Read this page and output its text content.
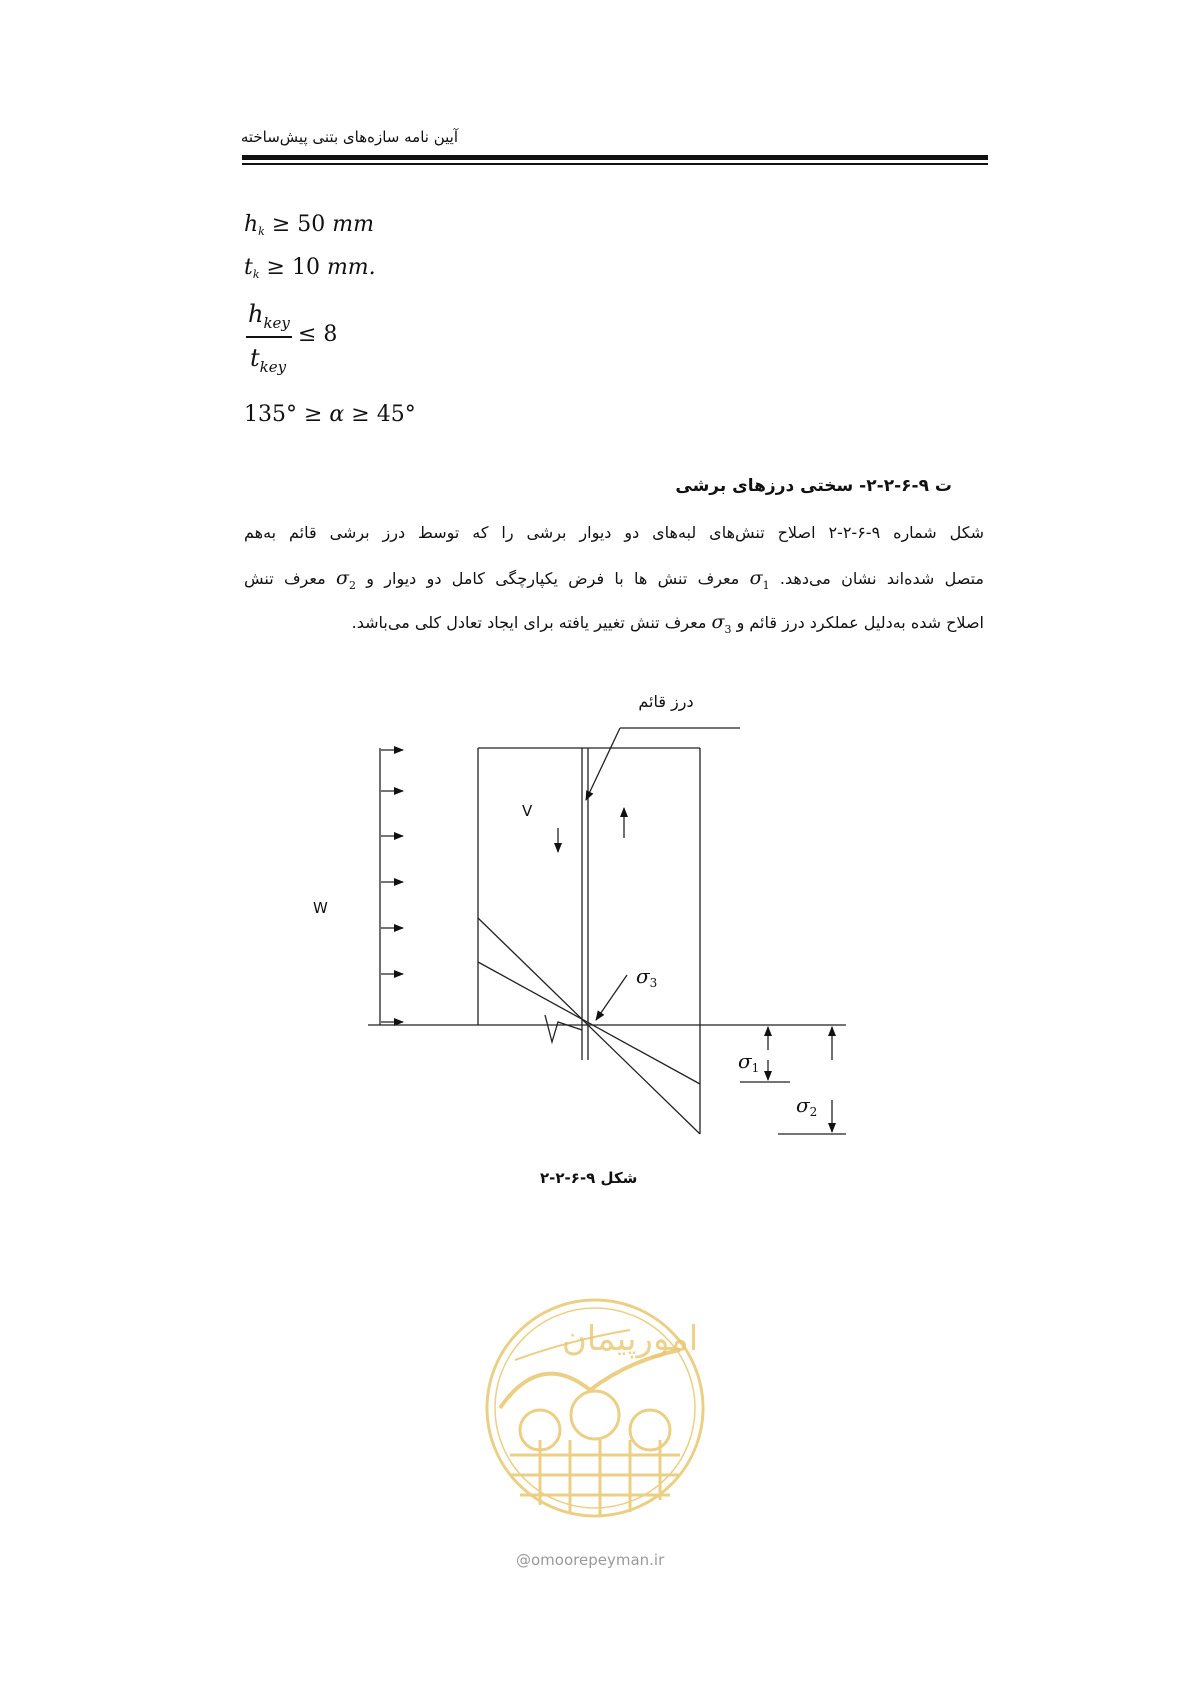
آیین نامه سازه‌های بتنی پیش‌ساخته
$h_k \ge 50$ mm
$t_k \ge 10$ mm.
$h_{key}$
$t_{key}$
≤ 8
135° ≥ α ≥ 45°
ت ۹-۶-۲-۲- سختی درزهای برشی
شکل شماره ۹-۶-۲-۲ اصلاح تنش‌های لبه‌های دو دیوار برشی را که توسط درز برشی قائم به‌هم
متصل شده‌اند نشان می‌دهد. $\sigma_1$ معرف تنش ها با فرض یکپارچگی کامل دو دیوار و $\sigma_2$ معرف تنش
اصلاح شده به‌دلیل عملکرد درز قائم و $\sigma_3$ معرف تنش تغییر یافته برای ایجاد تعادل کلی می‌باشد.
درز قائم
V
W
$\sigma_3$
$\sigma_1$
$\sigma_2$
شکل ۹-۶-۲-۲
امورپیمان
@omoorepeyman.ir
